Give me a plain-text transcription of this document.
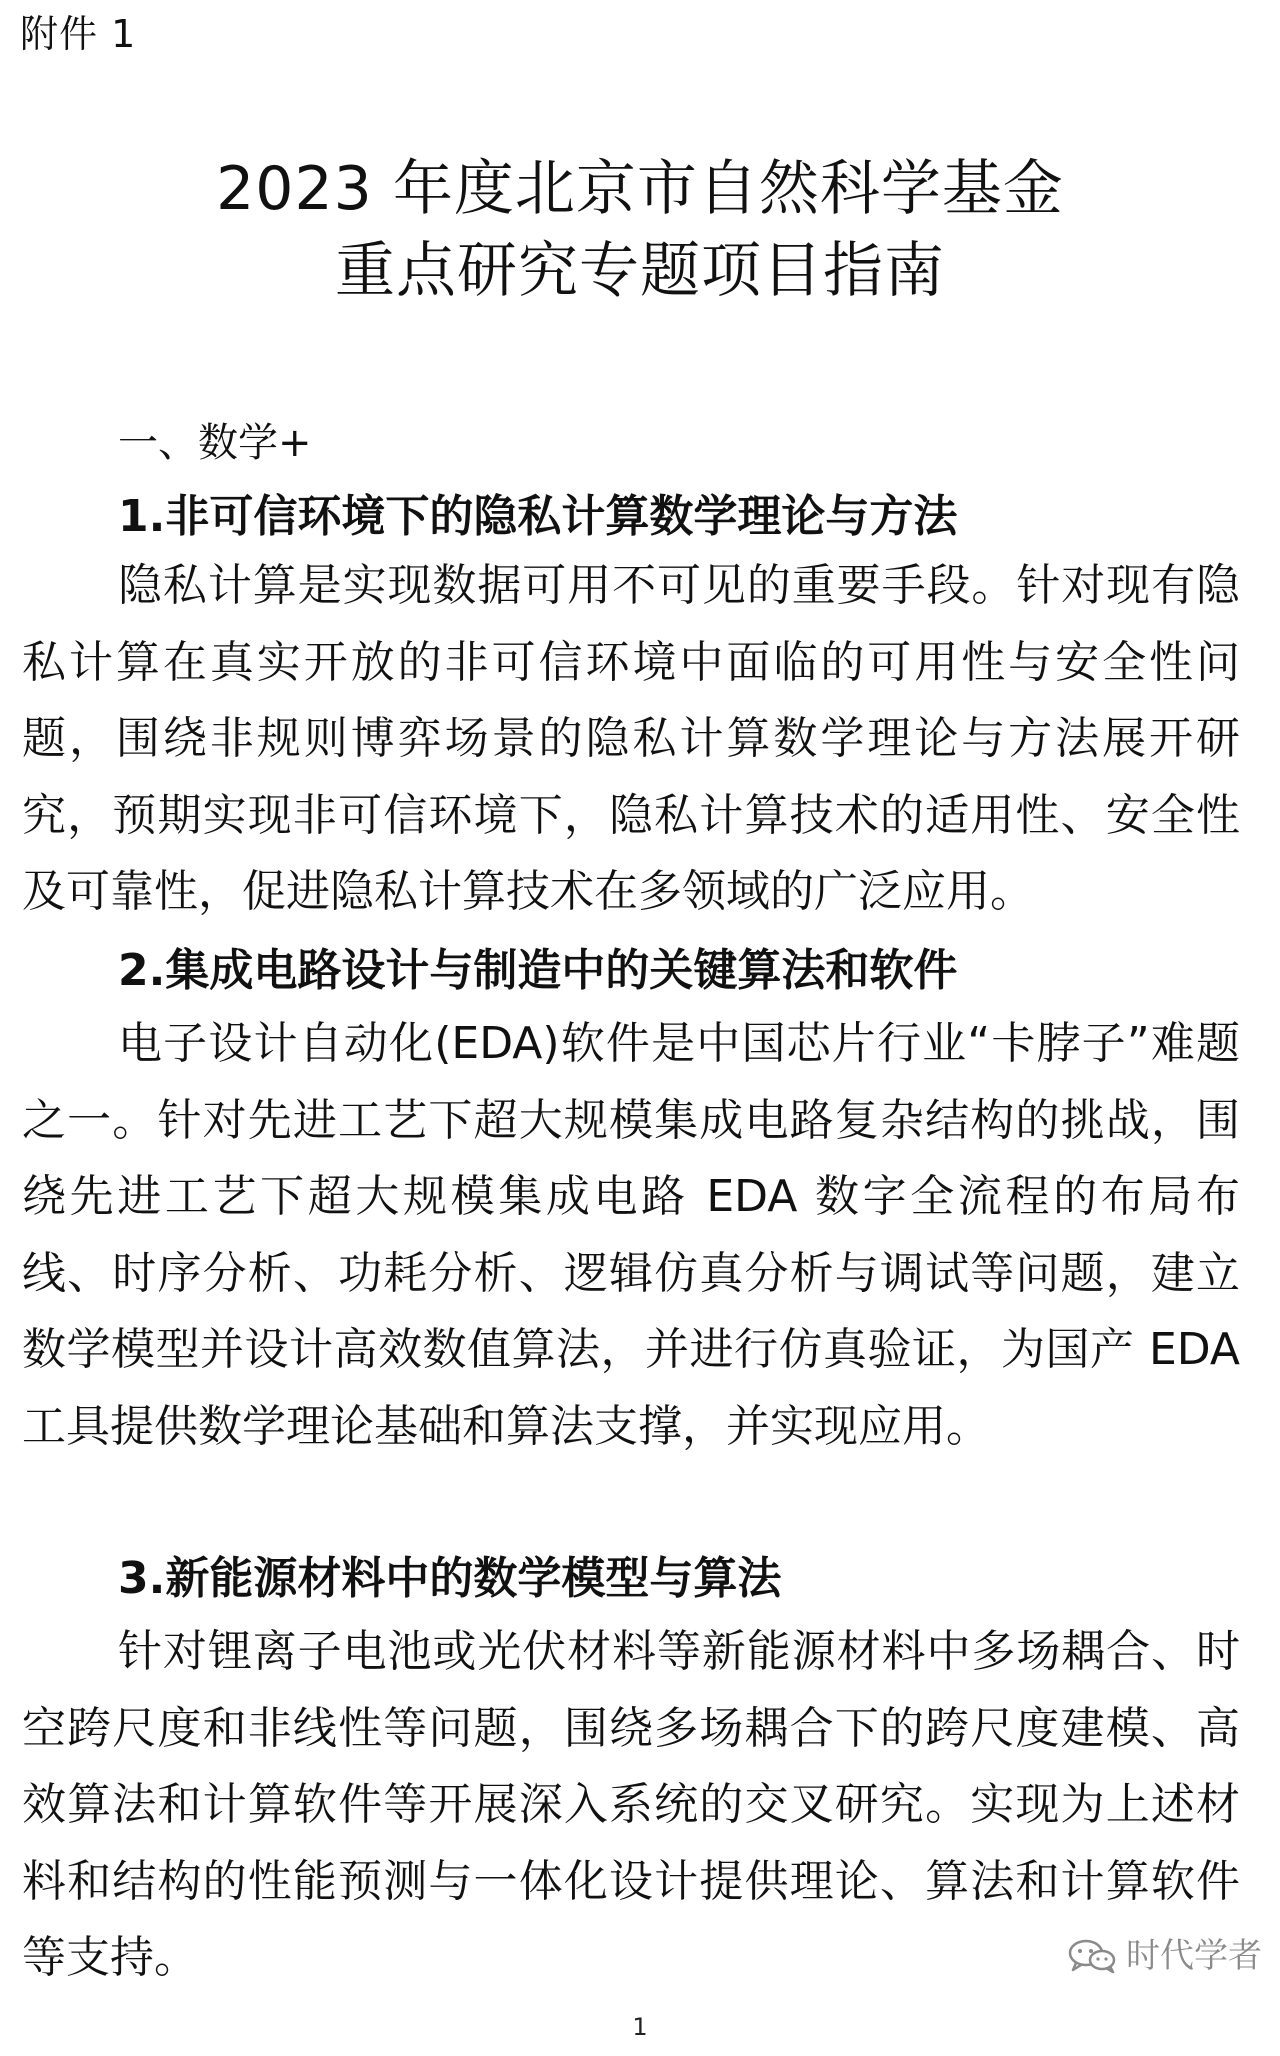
附件 1
2023 年度北京市自然科学基金
重点研究专题项目指南
一、数学+
1.非可信环境下的隐私计算数学理论与方法

隐私计算是实现数据可用不可见的重要手段。针对现有隐私计算在真实开放的非可信环境中面临的可用性与安全性问题，围绕非规则博弈场景的隐私计算数学理论与方法展开研究，预期实现非可信环境下，隐私计算技术的适用性、安全性及可靠性，促进隐私计算技术在多领域的广泛应用。

2.集成电路设计与制造中的关键算法和软件

电子设计自动化(EDA)软件是中国芯片行业“卡脖子”难题之一。针对先进工艺下超大规模集成电路复杂结构的挑战，围绕先进工艺下超大规模集成电路 EDA 数字全流程的布局布线、时序分析、功耗分析、逻辑仿真分析与调试等问题，建立数学模型并设计高效数值算法，并进行仿真验证，为国产 EDA 工具提供数学理论基础和算法支撑，并实现应用。

3.新能源材料中的数学模型与算法

针对锂离子电池或光伏材料等新能源材料中多场耦合、时空跨尺度和非线性等问题，围绕多场耦合下的跨尺度建模、高效算法和计算软件等开展深入系统的交叉研究。实现为上述材料和结构的性能预测与一体化设计提供理论、算法和计算软件等支持。	时代学者
1
